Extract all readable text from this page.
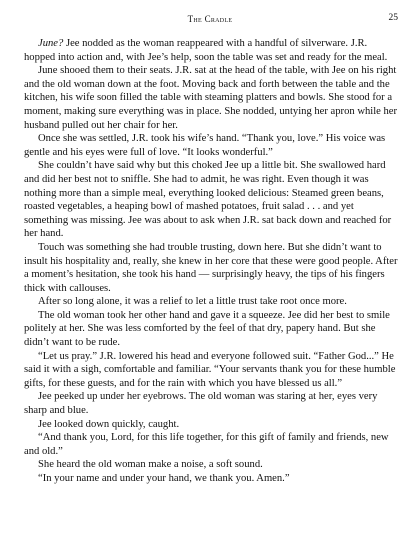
The Cradle	25

June? Jee nodded as the woman reappeared with a handful of silverware. J.R. hopped into action and, with Jee’s help, soon the table was set and ready for the meal.

June shooed them to their seats. J.R. sat at the head of the table, with Jee on his right and the old woman down at the foot. Moving back and forth between the table and the kitchen, his wife soon filled the table with steaming platters and bowls. She stood for a moment, making sure everything was in place. She nodded, untying her apron while her husband pulled out her chair for her.

Once she was settled, J.R. took his wife’s hand. “Thank you, love.” His voice was gentle and his eyes were full of love. “It looks wonderful.”

She couldn’t have said why but this choked Jee up a little bit. She swallowed hard and did her best not to sniffle. She had to admit, he was right. Even though it was nothing more than a simple meal, everything looked delicious: Steamed green beans, roasted vegetables, a heaping bowl of mashed potatoes, fruit salad . . . and yet something was missing. Jee was about to ask when J.R. sat back down and reached for her hand.

Touch was something she had trouble trusting, down here. But she didn’t want to insult his hospitality and, really, she knew in her core that these were good people. After a moment’s hesitation, she took his hand — surprisingly heavy, the tips of his fingers thick with callouses.

After so long alone, it was a relief to let a little trust take root once more.

The old woman took her other hand and gave it a squeeze. Jee did her best to smile politely at her. She was less comforted by the feel of that dry, papery hand. But she didn’t want to be rude.

“Let us pray.” J.R. lowered his head and everyone followed suit. “Father God...” He said it with a sigh, comfortable and familiar. “Your servants thank you for these humble gifts, for these guests, and for the rain with which you have blessed us all.”

Jee peeked up under her eyebrows. The old woman was staring at her, eyes very sharp and blue.

Jee looked down quickly, caught.

“And thank you, Lord, for this life together, for this gift of family and friends, new and old.”

She heard the old woman make a noise, a soft sound.

“In your name and under your hand, we thank you. Amen.”
